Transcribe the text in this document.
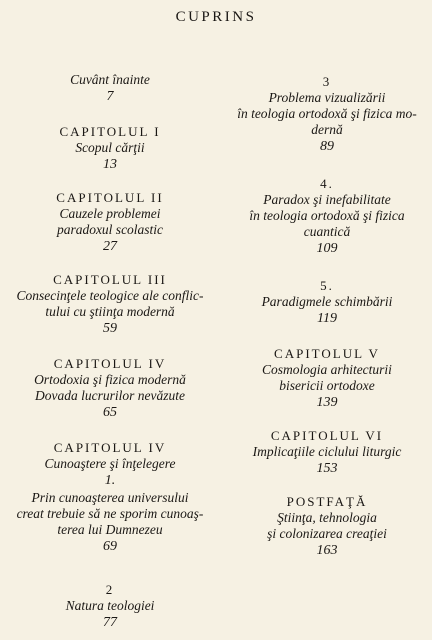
CUPRINS
Cuvânt înainte
7
CAPITOLUL I
Scopul cărţii
13
CAPITOLUL II
Cauzele problemei
paradoxul scolastic
27
CAPITOLUL III
Consecinţele teologice ale conflic-
tului cu ştiinţa modernă
59
CAPITOLUL IV
Ortodoxia şi fizica modernă
Dovada lucrurilor nevăzute
65
CAPITOLUL IV
Cunoaştere şi înţelegere
1.
Prin cunoaşterea universului
creat trebuie să ne sporim cunoaş-
terea lui Dumnezeu
69
2
Natura teologiei
77
3
Problema vizualizării
în teologia ortodoxă şi fizica mo-
dernă
89
4.
Paradox şi inefabilitate
în teologia ortodoxă şi fizica
cuantică
109
5.
Paradigmele schimbării
119
CAPITOLUL V
Cosmologia arhitecturii
bisericii ortodoxe
139
CAPITOLUL VI
Implicaţiile ciclului liturgic
153
POSTFAŢĂ
Ştiinţa, tehnologia
şi colonizarea creaţiei
163
